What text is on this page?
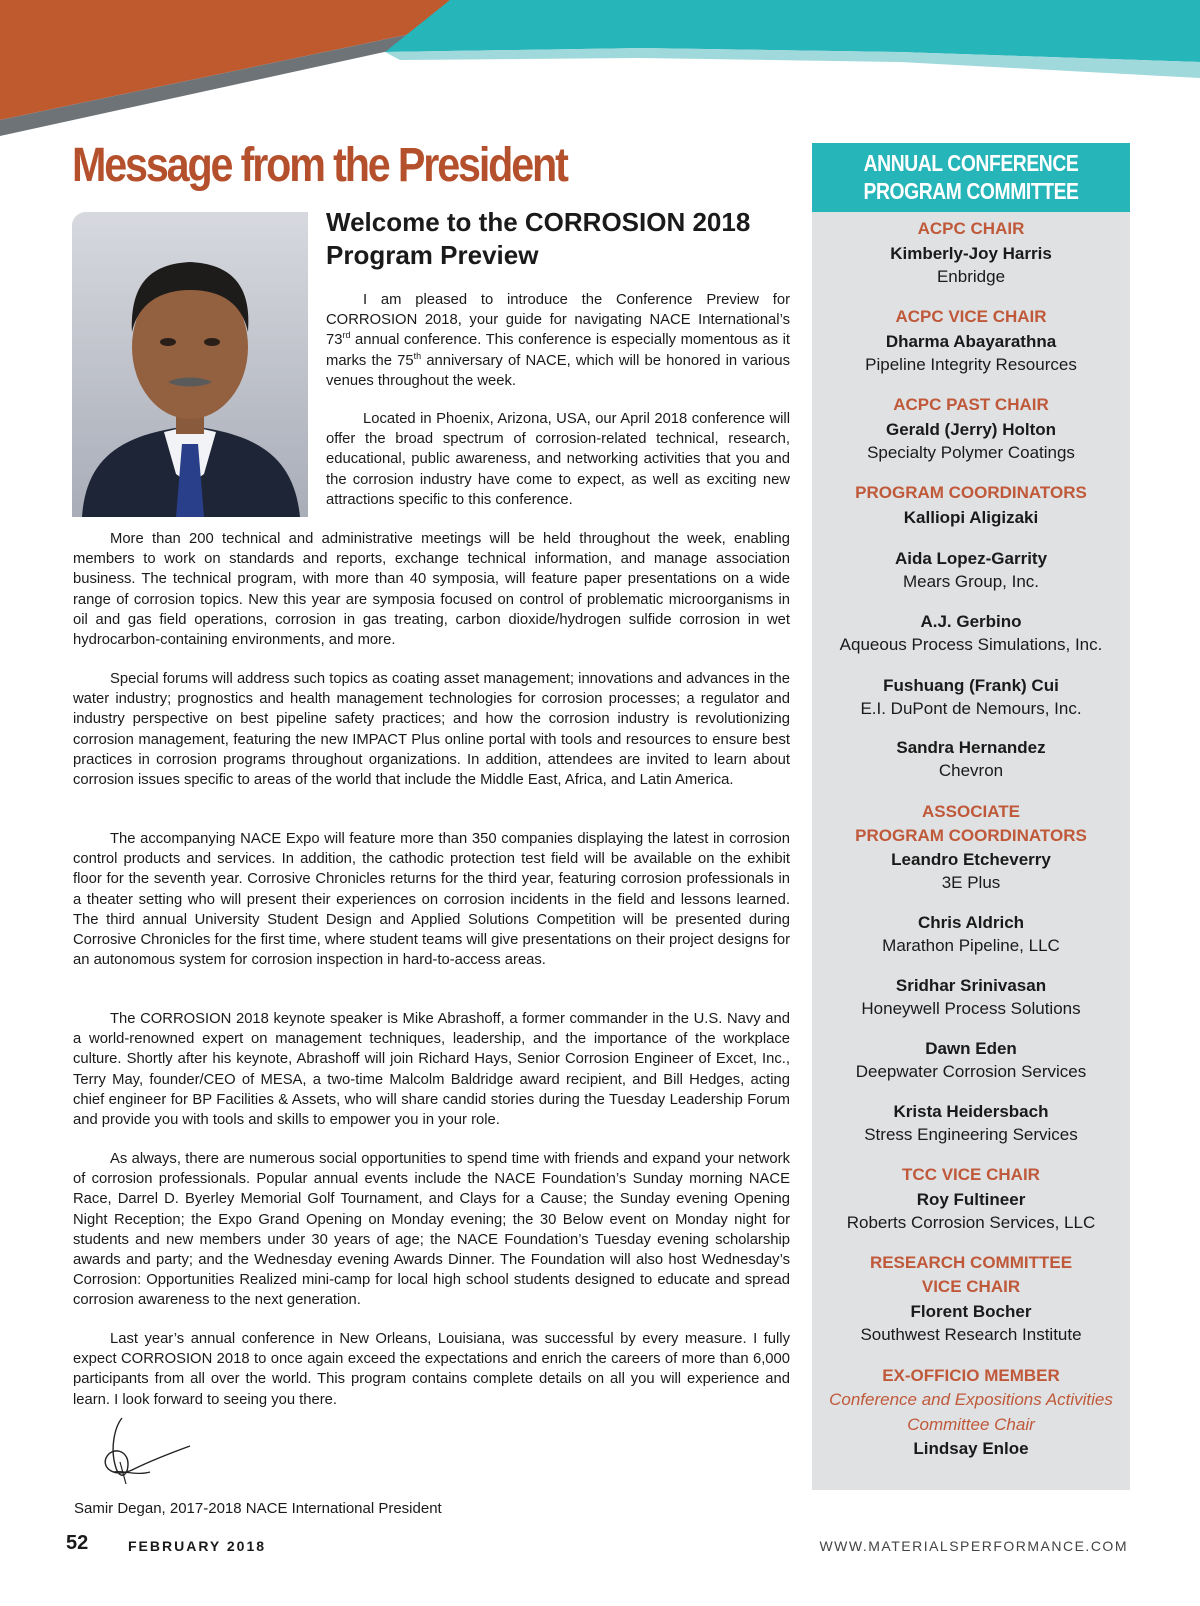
Message from the President
Welcome to the CORROSION 2018 Program Preview

I am pleased to introduce the Conference Preview for CORROSION 2018, your guide for navigating NACE International’s 73rd annual conference. This conference is especially momentous as it marks the 75th anniversary of NACE, which will be honored in various venues throughout the week.

Located in Phoenix, Arizona, USA, our April 2018 conference will offer the broad spectrum of corrosion-related technical, research, educational, public awareness, and networking activities that you and the corrosion industry have come to expect, as well as exciting new attractions specific to this conference.

More than 200 technical and administrative meetings will be held throughout the week, enabling members to work on standards and reports, exchange technical information, and manage association business. The technical program, with more than 40 symposia, will feature paper presentations on a wide range of corrosion topics. New this year are symposia focused on control of problematic microorganisms in oil and gas field operations, corrosion in gas treating, carbon dioxide/hydrogen sulfide corrosion in wet hydrocarbon-containing environments, and more.

Special forums will address such topics as coating asset management; innovations and advances in the water industry; prognostics and health management technologies for corrosion processes; a regulator and industry perspective on best pipeline safety practices; and how the corrosion industry is revolutionizing corrosion management, featuring the new IMPACT Plus online portal with tools and resources to ensure best practices in corrosion programs throughout organizations. In addition, attendees are invited to learn about corrosion issues specific to areas of the world that include the Middle East, Africa, and Latin America.

The accompanying NACE Expo will feature more than 350 companies displaying the latest in corrosion control products and services. In addition, the cathodic protection test field will be available on the exhibit floor for the seventh year. Corrosive Chronicles returns for the third year, featuring corrosion professionals in a theater setting who will present their experiences on corrosion incidents in the field and lessons learned. The third annual University Student Design and Applied Solutions Competition will be presented during Corrosive Chronicles for the first time, where student teams will give presentations on their project designs for an autonomous system for corrosion inspection in hard-to-access areas.

The CORROSION 2018 keynote speaker is Mike Abrashoff, a former commander in the U.S. Navy and a world-renowned expert on management techniques, leadership, and the importance of the workplace culture. Shortly after his keynote, Abrashoff will join Richard Hays, Senior Corrosion Engineer of Excet, Inc., Terry May, founder/CEO of MESA, a two-time Malcolm Baldridge award recipient, and Bill Hedges, acting chief engineer for BP Facilities & Assets, who will share candid stories during the Tuesday Leadership Forum and provide you with tools and skills to empower you in your role.

As always, there are numerous social opportunities to spend time with friends and expand your network of corrosion professionals. Popular annual events include the NACE Foundation’s Sunday morning NACE Race, Darrel D. Byerley Memorial Golf Tournament, and Clays for a Cause; the Sunday evening Opening Night Reception; the Expo Grand Opening on Monday evening; the 30 Below event on Monday night for students and new members under 30 years of age; the NACE Foundation’s Tuesday evening scholarship awards and party; and the Wednesday evening Awards Dinner. The Foundation will also host Wednesday’s Corrosion: Opportunities Realized mini-camp for local high school students designed to educate and spread corrosion awareness to the next generation.

Last year’s annual conference in New Orleans, Louisiana, was successful by every measure. I fully expect CORROSION 2018 to once again exceed the expectations and enrich the careers of more than 6,000 participants from all over the world. This program contains complete details on all you will experience and learn. I look forward to seeing you there.

Samir Degan, 2017-2018 NACE International President
52	FEBRUARY 2018	WWW.MATERIALSPERFORMANCE.COM
ANNUAL CONFERENCE
PROGRAM COMMITTEE
ACPC CHAIR
Kimberly-Joy Harris
Enbridge
ACPC VICE CHAIR
Dharma Abayarathna
Pipeline Integrity Resources
ACPC PAST CHAIR
Gerald (Jerry) Holton
Specialty Polymer Coatings
PROGRAM COORDINATORS
Kalliopi Aligizaki
Aida Lopez-Garrity
Mears Group, Inc.
A.J. Gerbino
Aqueous Process Simulations, Inc.
Fushuang (Frank) Cui
E.I. DuPont de Nemours, Inc.
Sandra Hernandez
Chevron
ASSOCIATE
PROGRAM COORDINATORS
Leandro Etcheverry
3E Plus
Chris Aldrich
Marathon Pipeline, LLC
Sridhar Srinivasan
Honeywell Process Solutions
Dawn Eden
Deepwater Corrosion Services
Krista Heidersbach
Stress Engineering Services
TCC VICE CHAIR
Roy Fultineer
Roberts Corrosion Services, LLC
RESEARCH COMMITTEE
VICE CHAIR
Florent Bocher
Southwest Research Institute
EX-OFFICIO MEMBER
Conference and Expositions Activities
Committee Chair
Lindsay Enloe
